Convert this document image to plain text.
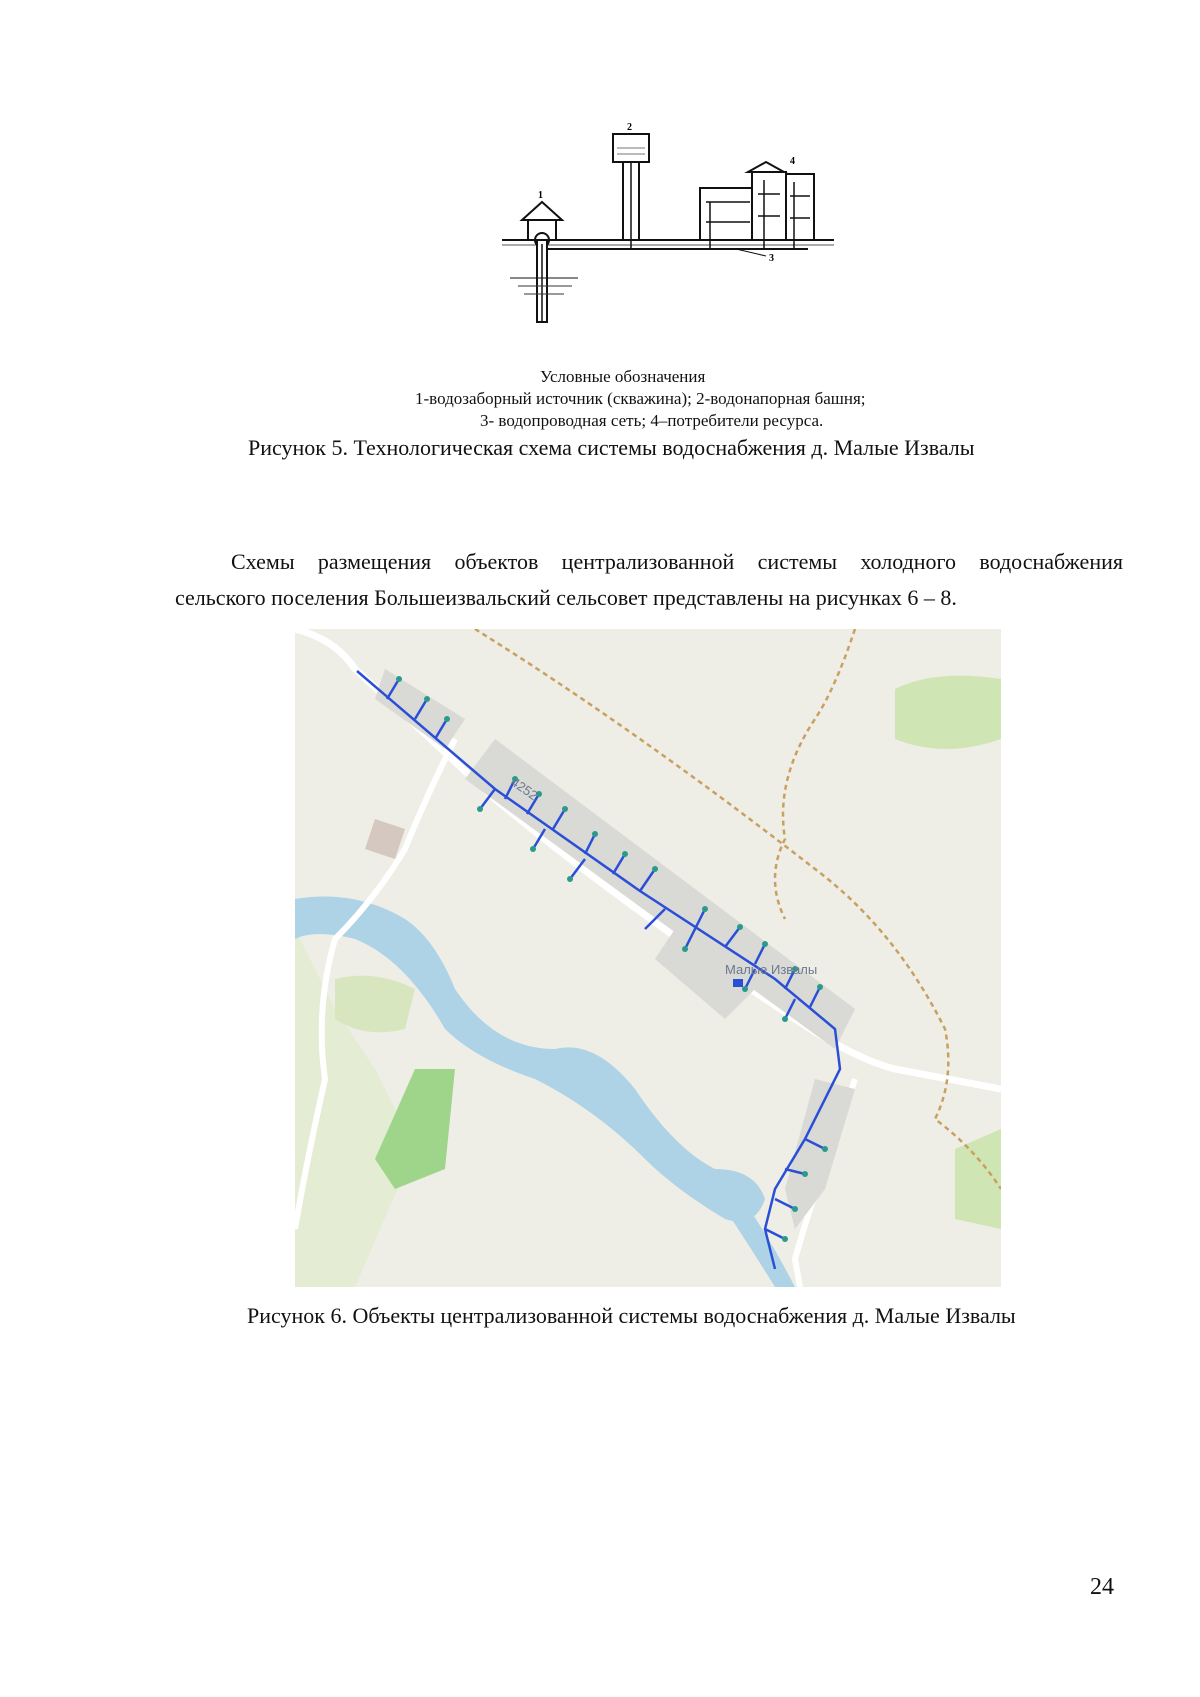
1
2
3
4
Условные обозначения
1-водозаборный источник (скважина); 2-водонапорная башня;
3- водопроводная сеть; 4–потребители ресурса.
Рисунок 5. Технологическая схема системы водоснабжения д. Малые Извалы
Схемы размещения объектов централизованной системы холодного водоснабжения
сельского поселения Большеизвальский сельсовет представлены на рисунках 6 – 8.
Малые Извалы
4252
Рисунок 6. Объекты централизованной системы водоснабжения д. Малые Извалы
24
